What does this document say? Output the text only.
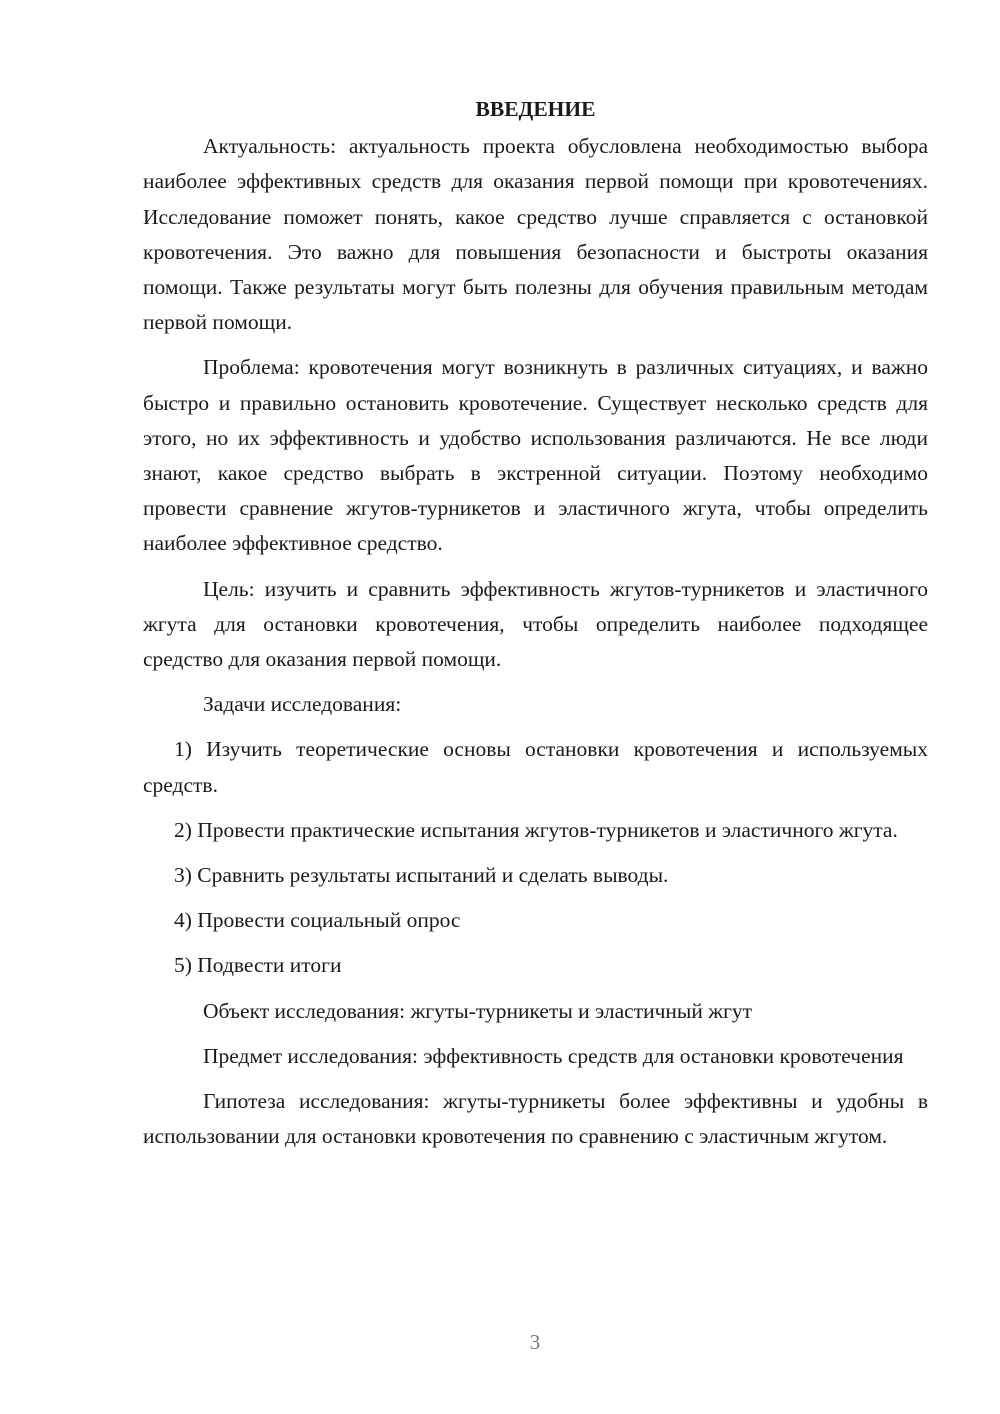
ВВЕДЕНИЕ

Актуальность: актуальность проекта обусловлена необходимостью выбора наиболее эффективных средств для оказания первой помощи при кровотечениях. Исследование поможет понять, какое средство лучше справляется с остановкой кровотечения. Это важно для повышения безопасности и быстроты оказания помощи. Также результаты могут быть полезны для обучения правильным методам первой помощи.

Проблема: кровотечения могут возникнуть в различных ситуациях, и важно быстро и правильно остановить кровотечение. Существует несколько средств для этого, но их эффективность и удобство использования различаются. Не все люди знают, какое средство выбрать в экстренной ситуации. Поэтому необходимо провести сравнение жгутов-турникетов и эластичного жгута, чтобы определить наиболее эффективное средство.

Цель: изучить и сравнить эффективность жгутов-турникетов и эластичного жгута для остановки кровотечения, чтобы определить наиболее подходящее средство для оказания первой помощи.

Задачи исследования:

1) Изучить теоретические основы остановки кровотечения и используемых средств.

2) Провести практические испытания жгутов-турникетов и эластичного жгута.

3) Сравнить результаты испытаний и сделать выводы.

4) Провести социальный опрос

5) Подвести итоги

Объект исследования: жгуты-турникеты и эластичный жгут

Предмет исследования: эффективность средств для остановки кровотечения

Гипотеза исследования: жгуты-турникеты более эффективны и удобны в использовании для остановки кровотечения по сравнению с эластичным жгутом.

3
